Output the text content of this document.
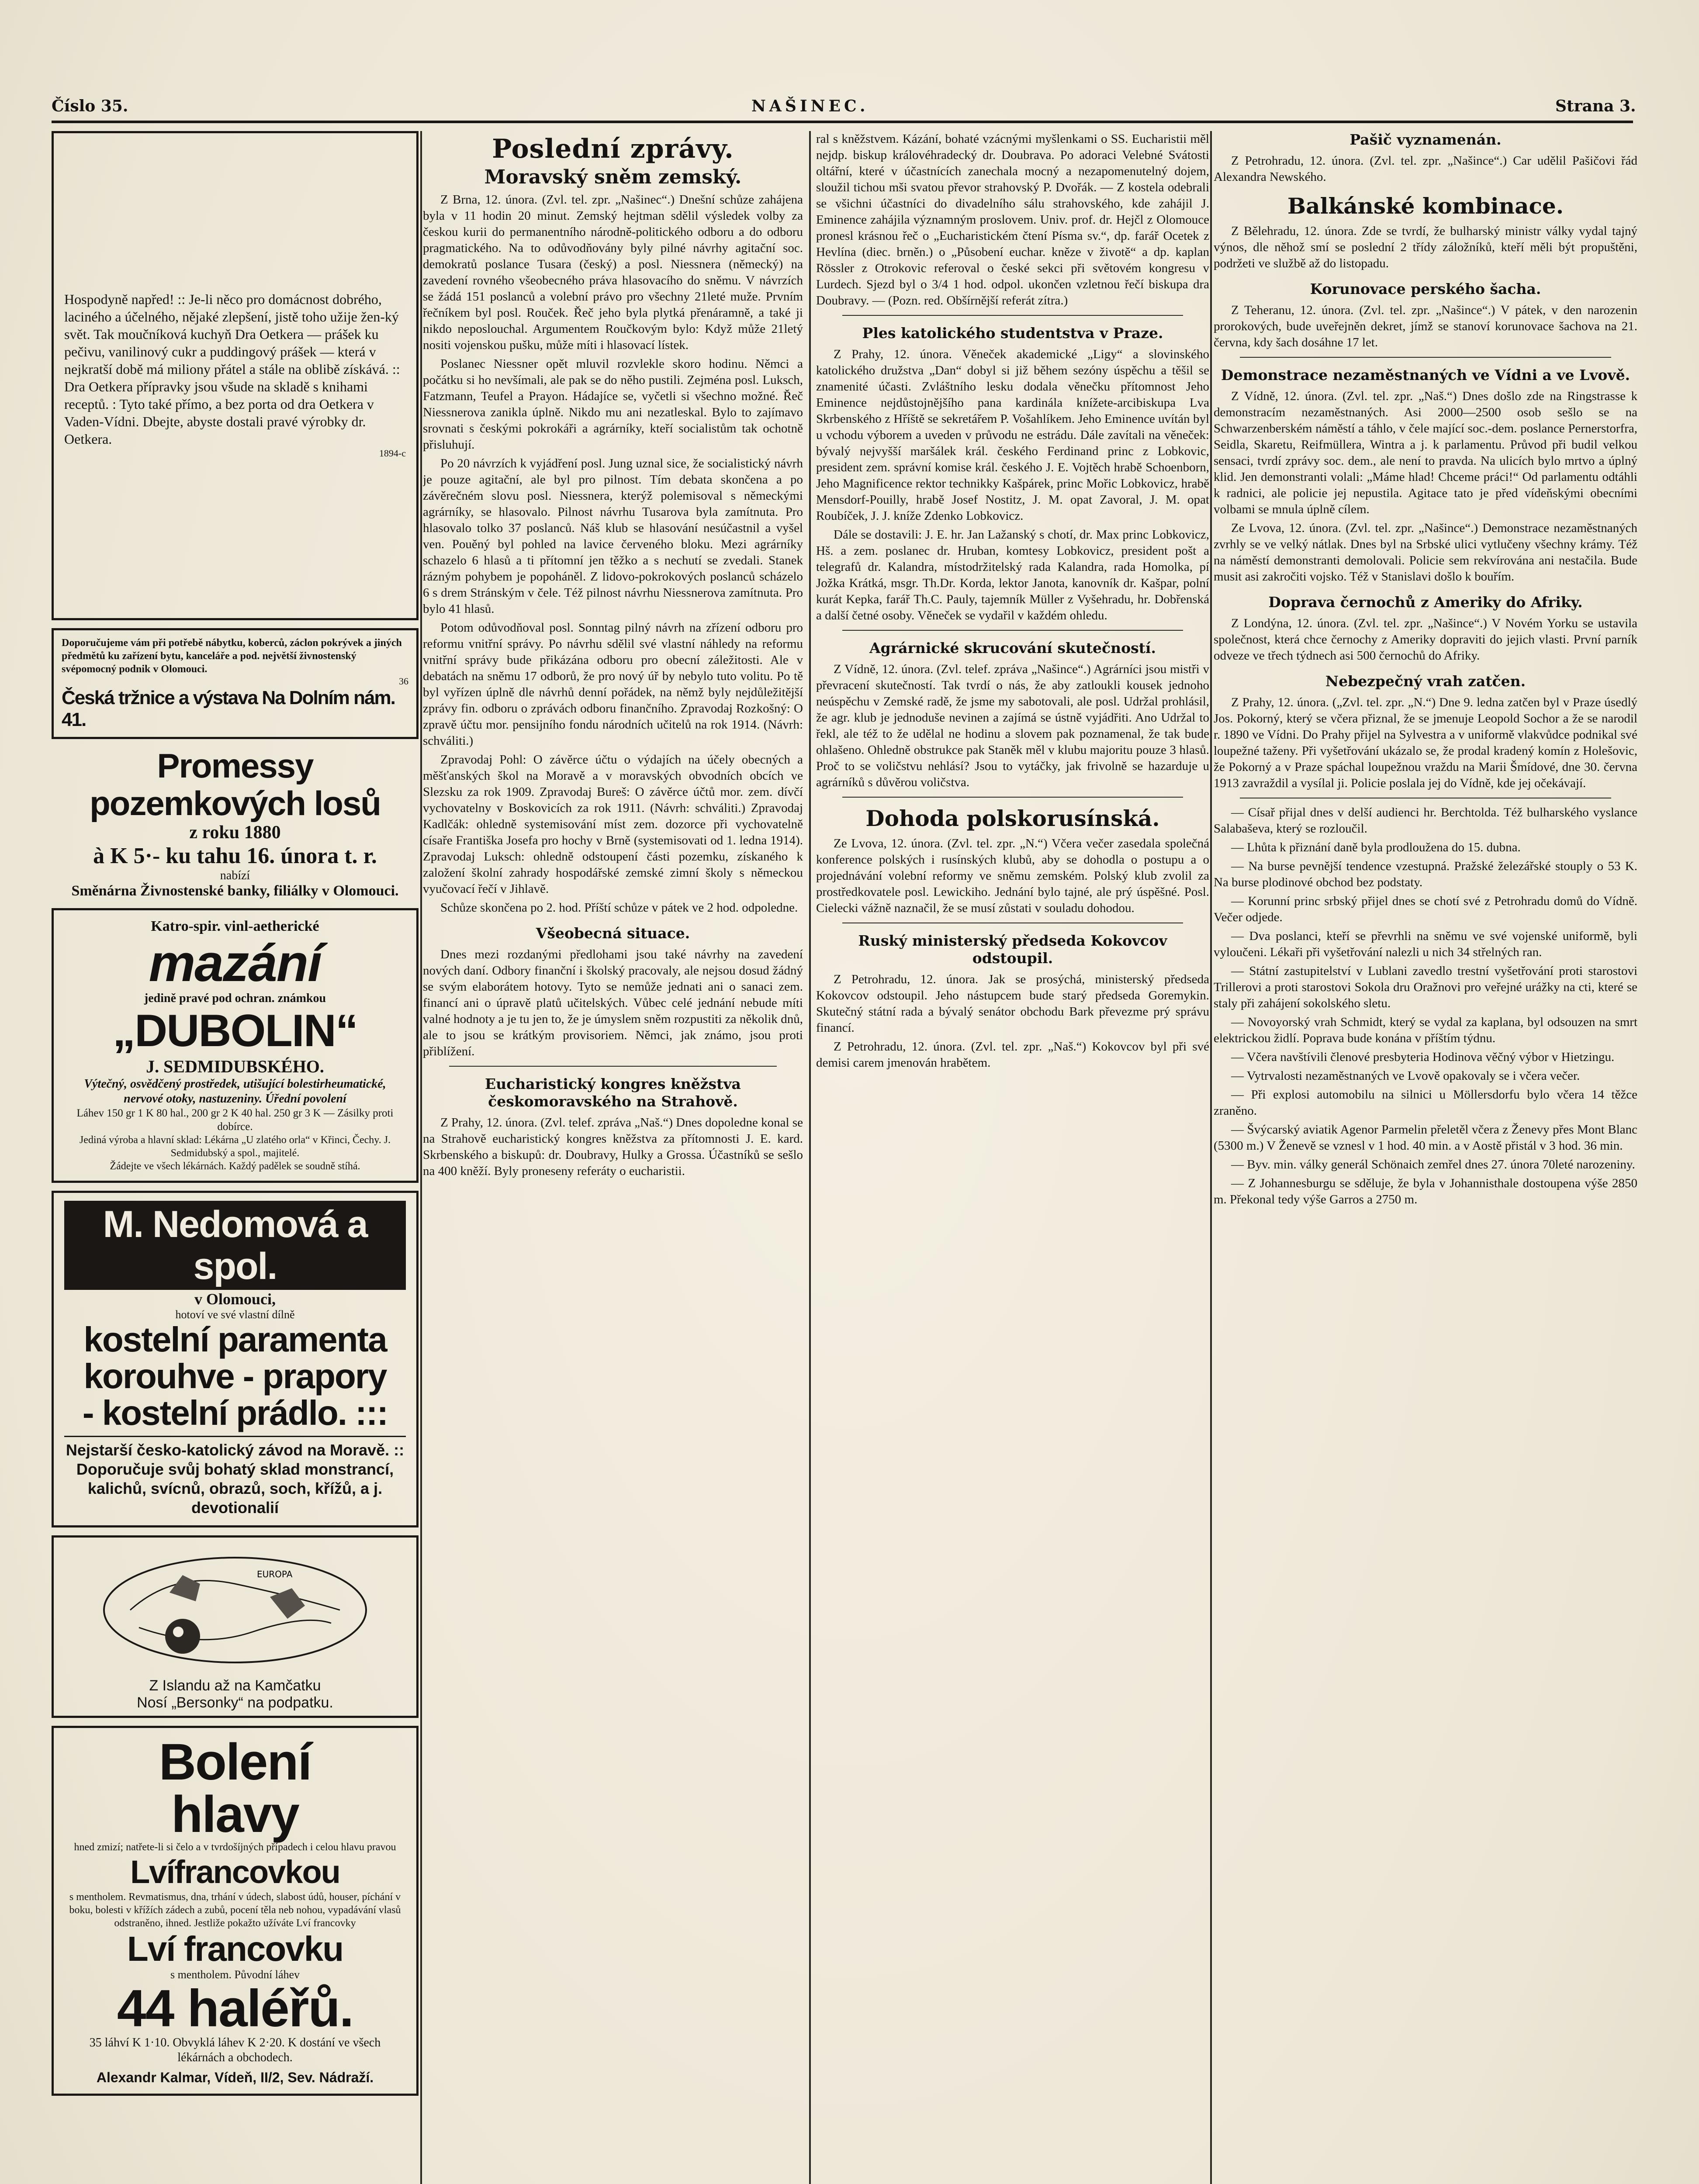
Číslo 35.	NAŠINEC.	Strana 3.

Hospodyně napřed! :: Je-li něco pro domácnost dobrého, laciného a účelného, nějaké zlepšení, jistě toho užije žen-ký svět. Tak moučníková kuchyň Dra Oetkera — prášek ku pečivu, vanilinový cukr a puddingový prášek — která v nejkratší době má miliony přátel a stále na oblibě získává. :: Dra Oetkera přípravky jsou všude na skladě s knihami receptů. : Tyto také přímo, a bez porta od dra Oetkera v Vaden-Vídni. Dbejte, abyste dostali pravé výrobky dr. Oetkera.

1894-c

Doporučujeme vám při potřebě nábytku, koberců, záclon pokrývek a jiných předmětů ku zařízení bytu, kanceláře a pod. největší živnostenský svépomocný podnik v Olomouci.

36

Česká tržnice a výstava Na Dolním nám. 41.

Promessy pozemkových losů

z roku 1880

à K 5·- ku tahu 16. února t. r.

nabízí

Směnárna Živnostenské banky, filiálky v Olomouci.

Katro-spir. vinl-aetherické

mazání

jedině pravé pod ochran. známkou

„DUBOLIN“

J. SEDMIDUBSKÉHO.

Výtečný, osvědčený prostředek, utišující bolestirheumatické, nervové otoky, nastuzeniny. Úřední povolení

Láhev 150 gr 1 K 80 hal., 200 gr 2 K 40 hal. 250 gr 3 K — Zásilky proti dobírce.

Jediná výroba a hlavní sklad: Lékárna „U zlatého orla“ v Křinci, Čechy. J. Sedmidubský a spol., majitelé.

Žádejte ve všech lékárnách. Každý padělek se soudně stíhá.

M. Nedomová a spol.

v Olomouci,

hotoví ve své vlastní dílně

kostelní paramenta

korouhve - prapory

- kostelní prádlo. :::

Nejstarší česko-katolický závod na Moravě. :: Doporučuje svůj bohatý sklad monstrancí, kalichů, svícnů, obrazů, soch, křížů, a j. devotionalií

EUROPA

Z Islandu až na Kamčatku

Nosí „Bersonky“ na podpatku.

Bolení

hlavy

hned zmizí; natřete-li si čelo a v tvrdošíjných případech i celou hlavu pravou

Lvífrancovkou

s mentholem. Revmatismus, dna, trhání v údech, slabost údů, houser, píchání v boku, bolesti v křížích zádech a zubů, pocení těla neb nohou, vypadávání vlasů odstraněno, ihned. Jestliže pokažto užíváte Lví francovky

Lví francovku

s mentholem. Původní láhev

44 haléřů.

35 láhví K 1·10. Obvyklá láhev K 2·20. K dostání ve všech lékárnách a obchodech.

Alexandr Kalmar, Vídeň, II/2, Sev. Nádraží.

Poslední zprávy.
Moravský sněm zemský.

Z Brna, 12. února. (Zvl. tel. zpr. „Našinec“.) Dnešní schůze zahájena byla v 11 hodin 20 minut. Zemský hejtman sdělil výsledek volby za českou kurii do permanentního národně-politického odboru a do odboru pragmatického. Na to odůvodňovány byly pilné návrhy agitační soc. demokratů poslance Tusara (český) a posl. Niessnera (německý) na zavedení rovného všeobecného práva hlasovacího do sněmu. V návrzích se žádá 151 poslanců a volební právo pro všechny 21leté muže. Prvním řečníkem byl posl. Rouček. Řeč jeho byla plytká přenáramně, a také ji nikdo neposlouchal. Argumentem Roučkovým bylo: Když může 21letý nositi vojenskou pušku, může míti i hlasovací lístek.

Poslanec Niessner opět mluvil rozvlekle skoro hodinu. Němci a počátku si ho nevšímali, ale pak se do něho pustili. Zejména posl. Luksch, Fatzmann, Teufel a Prayon. Hádajíce se, vyčetli si všechno možné. Řeč Niessnerova zanikla úplně. Nikdo mu ani nezatleskal. Bylo to zajímavo srovnati s českými pokrokáři a agrárníky, kteří socialistům tak ochotně přisluhují.

Po 20 návrzích k vyjádření posl. Jung uznal sice, že socialistický návrh je pouze agitační, ale byl pro pilnost. Tím debata skončena a po závěrečném slovu posl. Niessnera, kterýž polemisoval s německými agrárníky, se hlasovalo. Pilnost návrhu Tusarova byla zamítnuta. Pro hlasovalo tolko 37 poslanců. Náš klub se hlasování nesúčastnil a vyšel ven. Pouěný byl pohled na lavice červeného bloku. Mezi agrárníky schazelo 6 hlasů a ti přítomní jen těžko a s nechutí se zvedali. Stanek rázným pohybem je popoháněl. Z lidovo-pokrokových poslanců scházelo 6 s drem Stránským v čele. Též pilnost návrhu Niessnerova zamítnuta. Pro bylo 41 hlasů.

Potom odůvodňoval posl. Sonntag pilný návrh na zřízení odboru pro reformu vnitřní správy. Po návrhu sdělil své vlastní náhledy na reformu vnitřní správy bude přikázána odboru pro obecní záležitosti. Ale v debatách na sněmu 17 odborů, že pro nový úř by nebylo tuto volitu. Po tě byl vyřízen úplně dle návrhů denní pořádek, na němž byly nejdůležitější zprávy fin. odboru o zprávách odboru finančního. Zpravodaj Rozkošný: O zpravě účtu mor. pensijního fondu národních učitelů na rok 1914. (Návrh: schváliti.)

Zpravodaj Pohl: O závěrce účtu o výdajích na účely obecných a měšťanských škol na Moravě a v moravských obvodních obcích ve Slezsku za rok 1909. Zpravodaj Bureš: O závěrce účtů mor. zem. dívčí vychovatelny v Boskovicích za rok 1911. (Návrh: schváliti.) Zpravodaj Kadlčák: ohledně systemisování míst zem. dozorce při vychovatelně císaře Františka Josefa pro hochy v Brně (systemisovati od 1. ledna 1914). Zpravodaj Luksch: ohledně odstoupení části pozemku, získaného k založení školní zahrady hospodářské zemské zimní školy s německou vyučovací řečí v Jihlavě.

Schůze skončena po 2. hod. Příští schůze v pátek ve 2 hod. odpoledne.

Všeobecná situace.

Dnes mezi rozdanými předlohami jsou také návrhy na zavedení nových daní. Odbory finanční i školský pracovaly, ale nejsou dosud žádný se svým elaborátem hotovy. Tyto se nemůže jednati ani o sanaci zem. financí ani o úpravě platů učitelských. Vůbec celé jednání nebude míti valné hodnoty a je tu jen to, že je úmyslem sněm rozpustiti za několik dnů, ale to jsou se krátkým provisoriem. Němci, jak známo, jsou proti přiblížení.

Eucharistický kongres kněžstva českomoravského na Strahově.

Z Prahy, 12. února. (Zvl. telef. zpráva „Naš.“) Dnes dopoledne konal se na Strahově eucharistický kongres kněžstva za přítomnosti J. E. kard. Skrbenského a biskupů: dr. Doubravy, Hulky a Grossa. Účastníků se sešlo na 400 kněží. Byly proneseny referáty o eucharistii.

ral s kněžstvem. Kázání, bohaté vzácnými myšlenkami o SS. Eucharistii měl nejdp. biskup královéhradecký dr. Doubrava. Po adoraci Velebné Svátosti oltářní, které v účastnících zanechala mocný a nezapomenutelný dojem, sloužil tichou mši svatou převor strahovský P. Dvořák. — Z kostela odebrali se všichni účastníci do divadelního sálu strahovského, kde zahájil J. Eminence zahájila významným proslovem. Univ. prof. dr. Hejčl z Olomouce pronesl krásnou řeč o „Eucharistickém čtení Písma sv.“, dp. farář Ocetek z Hevlína (diec. brněn.) o „Působení euchar. kněze v životě“ a dp. kaplan Rössler z Otrokovic referoval o české sekci při světovém kongresu v Lurdech. Sjezd byl o 3/4 1 hod. odpol. ukončen vzletnou řečí biskupa dra Doubravy. — (Pozn. red. Obšírnější referát zítra.)

Ples katolického studentstva v Praze.

Z Prahy, 12. února. Věneček akademické „Ligy“ a slovinského katolického družstva „Dan“ dobyl si již během sezóny úspěchu a těšil se znamenité účasti. Zvláštního lesku dodala věnečku přítomnost Jeho Eminence nejdůstojnějšího pana kardinála knížete-arcibiskupa Lva Skrbenského z Hříště se sekretářem P. Vošahlíkem. Jeho Eminence uvítán byl u vchodu výborem a uveden v průvodu ne estrádu. Dále zavítali na věneček: bývalý nejvyšší maršálek král. českého Ferdinand princ z Lobkovic, president zem. správní komise král. českého J. E. Vojtěch hrabě Schoenborn, Jeho Magnificence rektor technikky Kašpárek, princ Mořic Lobkovicz, hrabě Mensdorf-Pouilly, hrabě Josef Nostitz, J. M. opat Zavoral, J. M. opat Roubíček, J. J. kníže Zdenko Lobkovicz.

Dále se dostavili: J. E. hr. Jan Lažanský s chotí, dr. Max princ Lobkovicz, Hš. a zem. poslanec dr. Hruban, komtesy Lobkovicz, president pošt a telegrafů dr. Kalandra, místodržitelský rada Kalandra, rada Homolka, pí Jožka Krátká, msgr. Th.Dr. Korda, lektor Janota, kanovník dr. Kašpar, polní kurát Kepka, farář Th.C. Pauly, tajemník Müller z Vyšehradu, hr. Dobřenská a další četné osoby. Věneček se vydařil v každém ohledu.

Agrárnické skrucování skutečností.

Z Vídně, 12. února. (Zvl. telef. zpráva „Našince“.) Agrárníci jsou mistři v převracení skutečností. Tak tvrdí o nás, že aby zatloukli kousek jednoho neúspěchu v Zemské radě, že jsme my sabotovali, ale posl. Udržal prohlásil, že agr. klub je jednoduše nevinen a zajímá se ústně vyjádřiti. Ano Udržal to řekl, ale též to že udělal ne hodinu a slovem pak poznamenal, že tak bude ohlašeno. Ohledně obstrukce pak Staněk měl v klubu majoritu pouze 3 hlasů. Proč to se voličstvu nehlásí? Jsou to vytáčky, jak frivolně se hazarduje u agrárníků s důvěrou voličstva.

Dohoda polskorusínská.

Ze Lvova, 12. února. (Zvl. tel. zpr. „N.“) Včera večer zasedala společná konference polských i rusínských klubů, aby se dohodla o postupu a o projednávání volební reformy ve sněmu zemském. Polský klub zvolil za prostředkovatele posl. Lewickiho. Jednání bylo tajné, ale prý úspěšné. Posl. Cielecki vážně naznačil, že se musí zůstati v souladu dohodou.

Ruský ministerský předseda Kokovcov odstoupil.

Z Petrohradu, 12. února. Jak se prosýchá, ministerský předseda Kokovcov odstoupil. Jeho nástupcem bude starý předseda Goremykin. Skutečný státní rada a bývalý senátor obchodu Bark převezme prý správu financí.

Z Petrohradu, 12. února. (Zvl. tel. zpr. „Naš.“) Kokovcov byl při své demisi carem jmenován hrabětem.

Pašič vyznamenán.

Z Petrohradu, 12. února. (Zvl. tel. zpr. „Našince“.) Car udělil Pašičovi řád Alexandra Newského.

Balkánské kombinace.

Z Bělehradu, 12. února. Zde se tvrdí, že bulharský ministr války vydal tajný výnos, dle něhož smí se poslední 2 třídy záložníků, kteří měli být propuštěni, podržeti ve službě až do listopadu.

Korunovace perského šacha.

Z Teheranu, 12. února. (Zvl. tel. zpr. „Našince“.) V pátek, v den narozenin prorokových, bude uveřejněn dekret, jímž se stanoví korunovace šachova na 21. června, kdy šach dosáhne 17 let.

Demonstrace nezaměstnaných ve Vídni a ve Lvově.

Z Vídně, 12. února. (Zvl. tel. zpr. „Naš.“) Dnes došlo zde na Ringstrasse k demonstracím nezaměstnaných. Asi 2000—2500 osob sešlo se na Schwarzenberském náměstí a táhlo, v čele mající soc.-dem. poslance Pernerstorfra, Seidla, Skaretu, Reifmüllera, Wintra a j. k parlamentu. Průvod při budil velkou sensaci, tvrdí zprávy soc. dem., ale není to pravda. Na ulicích bylo mrtvo a úplný klid. Jen demonstranti volali: „Máme hlad! Chceme práci!“ Od parlamentu odtáhli k radnici, ale policie jej nepustila. Agitace tato je před vídeňskými obecními volbami se mnula úplně cílem.

Ze Lvova, 12. února. (Zvl. tel. zpr. „Našince“.) Demonstrace nezaměstnaných zvrhly se ve velký nátlak. Dnes byl na Srbské ulici vytlučeny všechny krámy. Též na náměstí demonstranti demolovali. Policie sem rekvírována ani nestačila. Bude musit asi zakročiti vojsko. Též v Stanislavi došlo k bouřím.

Doprava černochů z Ameriky do Afriky.

Z Londýna, 12. února. (Zvl. tel. zpr. „Našince“.) V Novém Yorku se ustavila společnost, která chce černochy z Ameriky dopraviti do jejich vlasti. První parník odveze ve třech týdnech asi 500 černochů do Afriky.

Nebezpečný vrah zatčen.

Z Prahy, 12. února. („Zvl. tel. zpr. „N.“) Dne 9. ledna zatčen byl v Praze úsedlý Jos. Pokorný, který se včera přiznal, že se jmenuje Leopold Sochor a že se narodil r. 1890 ve Vídni. Do Prahy přijel na Sylvestra a v uniformě vlakvůdce podnikal své loupežné taženy. Při vyšetřování ukázalo se, že prodal kradený komín z Holešovic, že Pokorný a v Praze spáchal loupežnou vraždu na Marii Šmídové, dne 30. června 1913 zavraždil a vysílal ji. Policie poslala jej do Vídně, kde jej očekávají.

— Císař přijal dnes v delší audienci hr. Berchtolda. Též bulharského vyslance Salabaševa, který se rozloučil.

— Lhůta k přiznání daně byla prodloužena do 15. dubna.

— Na burse pevnější tendence vzestupná. Pražské železářské stouply o 53 K. Na burse plodinové obchod bez podstaty.

— Korunní princ srbský přijel dnes se chotí své z Petrohradu domů do Vídně. Večer odjede.

— Dva poslanci, kteří se převrhli na sněmu ve své vojenské uniformě, byli vyloučeni. Lékaři při vyšetřování nalezli u nich 34 střelných ran.

— Státní zastupitelství v Lublani zavedlo trestní vyšetřování proti starostovi Trillerovi a proti starostovi Sokola dru Oražnovi pro veřejné urážky na cti, které se staly při zahájení sokolského sletu.

— Novoyorský vrah Schmidt, který se vydal za kaplana, byl odsouzen na smrt elektrickou židlí. Poprava bude konána v příštím týdnu.

— Včera navštívili členové presbyteria Hodinova věčný výbor v Hietzingu.

— Vytrvalosti nezaměstnaných ve Lvově opakovaly se i včera večer.

— Při explosi automobilu na silnici u Möllersdorfu bylo včera 14 těžce zraněno.

— Švýcarský aviatik Agenor Parmelin přeletěl včera z Ženevy přes Mont Blanc (5300 m.) V Ženevě se vznesl v 1 hod. 40 min. a v Aostě přistál v 3 hod. 36 min.

— Byv. min. války generál Schönaich zemřel dnes 27. února 70leté narozeniny.

— Z Johannesburgu se sděluje, že byla v Johannisthale dostoupena výše 2850 m. Překonal tedy výše Garros a 2750 m.
